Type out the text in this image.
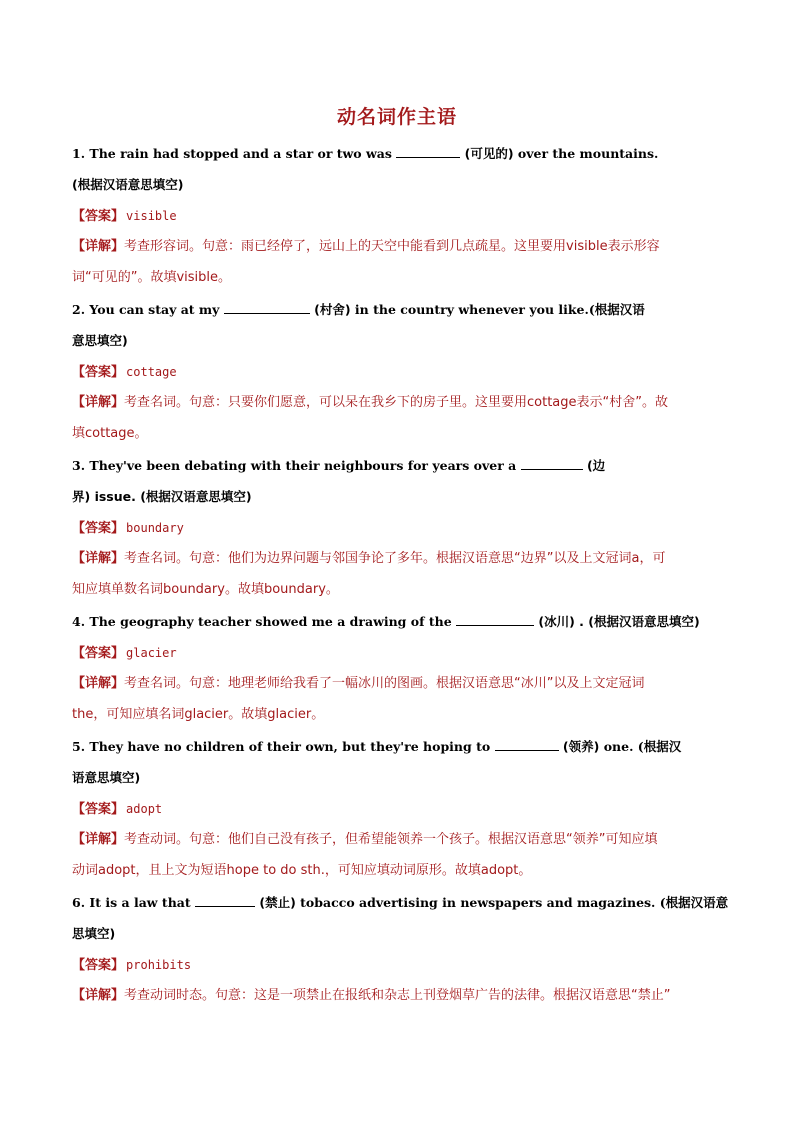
动名词作主语
1. The rain had stopped and a star or two was	(可见的) over the mountains.
(根据汉语意思填空)
【答案】 visible
【详解】考查形容词。句意：雨已经停了，远山上的天空中能看到几点疏星。这里要用visible表示形容
词“可见的”。故填visible。
2. You can stay at my	(村舍) in the country whenever you like.(根据汉语
意思填空)
【答案】 cottage
【详解】考查名词。句意：只要你们愿意，可以呆在我乡下的房子里。这里要用cottage表示“村舍”。故
填cottage。
3. They've been debating with their neighbours for years over a	(边
界) issue. (根据汉语意思填空)
【答案】 boundary
【详解】考查名词。句意：他们为边界问题与邻国争论了多年。根据汉语意思“边界”以及上文冠词a，可
知应填单数名词boundary。故填boundary。
4. The geography teacher showed me a drawing of the	(冰川) . (根据汉语意思填空)
【答案】 glacier
【详解】考查名词。句意：地理老师给我看了一幅冰川的图画。根据汉语意思“冰川”以及上文定冠词
the，可知应填名词glacier。故填glacier。
5. They have no children of their own, but they're hoping to	(领养) one. (根据汉
语意思填空)
【答案】 adopt
【详解】考查动词。句意：他们自己没有孩子，但希望能领养一个孩子。根据汉语意思“领养”可知应填
动词adopt，且上文为短语hope to do sth.，可知应填动词原形。故填adopt。
6. It is a law that	(禁止) tobacco advertising in newspapers and magazines. (根据汉语意
思填空)
【答案】 prohibits
【详解】考查动词时态。句意：这是一项禁止在报纸和杂志上刊登烟草广告的法律。根据汉语意思“禁止”
